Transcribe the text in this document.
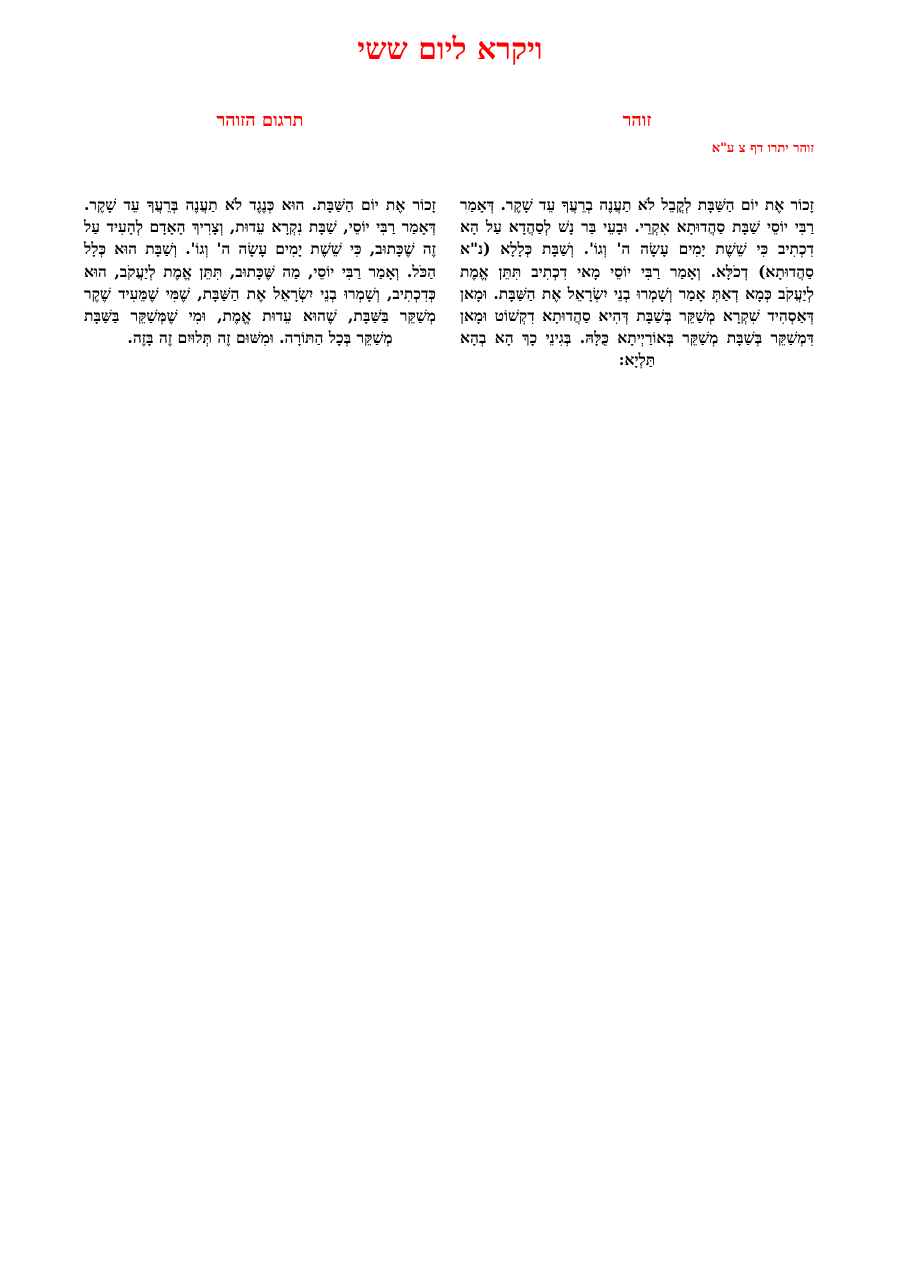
ויקרא ליום ששי
זוהר
זוהר יתרו דף צ ע"א

זָכוֹר אֶת יוֹם הַשַּׁבָּת לְקֳבֵל לֹא תַעֲנֶה בְרֵעֲךָ עֵד שָׁקֶר. דְּאָמַר רַבִּי יוֹסֵי שַׁבָּת סַהֲדוּתָא אִקְרֵי. וּבָעֵי בַּר נָשׁ לְסַהֲדָא עַל הָא דִכְתִיב כִּי שֵׁשֶׁת יָמִים עָשָׂה ה' וְגוֹ'. וְשַׁבָּת כְּלָלָא (נ"א סַהֲדוּתָא) דְכֹלָּא. וְאָמַר רַבִּי יוֹסֵי מָאי דִכְתִיב תִּתֵּן אֱמֶת לְיַעֲקֹב כְּמָא דְאַתְּ אָמַר וְשָׁמְרוּ בְנֵי יִשְׂרָאֵל אֶת הַשַּׁבָּת. וּמָאן דְּאַסְהִיד שִׁקְרָא מְשַׁקֵּר בְּשַׁבָּת דְּהִיא סַהֲדוּתָא דִקְשׁוֹט וּמָאן דִּמְשַׁקֵּר בְּשַׁבָּת מְשַׁקֵּר בְּאוֹרַיְיתָא כֻּלָּהּ. בְּגִינֵי כָךְ הָא בְהָא תַּלְיָא:

תרגום הזוהר

זָכוֹר אֶת יוֹם הַשַּׁבָּת. הוּא כְּנֶגֶד לֹא תַעֲנֶה בְּרֵעֲךָ עֵד שָׁקֶר. דְּאָמַר רַבִּי יוֹסֵי, שַׁבָּת נִקְרָא עֵדוּת, וְצָרִיךְ הָאָדָם לְהָעִיד עַל זֶה שֶׁכָּתוּב, כִּי שֵׁשֶׁת יָמִים עָשָׂה ה' וְגוֹ'. וְשַׁבָּת הוּא כְּלָל הַכֹּל. וְאָמַר רַבִּי יוֹסֵי, מַה שֶּׁכָּתוּב, תִּתֵּן אֱמֶת לְיַעֲקֹב, הוּא כְּדִכְתִיב, וְשָׁמְרוּ בְנֵי יִשְׂרָאֵל אֶת הַשַּׁבָּת, שֶׁמִּי שֶׁמֵּעִיד שֶׁקֶר מְשַׁקֵּר בַּשַּׁבָּת, שֶׁהוּא עֵדוּת אֱמֶת, וּמִי שֶׁמְּשַׁקֵּר בַּשַּׁבָּת מְשַׁקֵּר בְּכָל הַתּוֹרָה. וּמִשּׁוּם זֶה תְּלוּיִם זֶה בָּזֶה.
